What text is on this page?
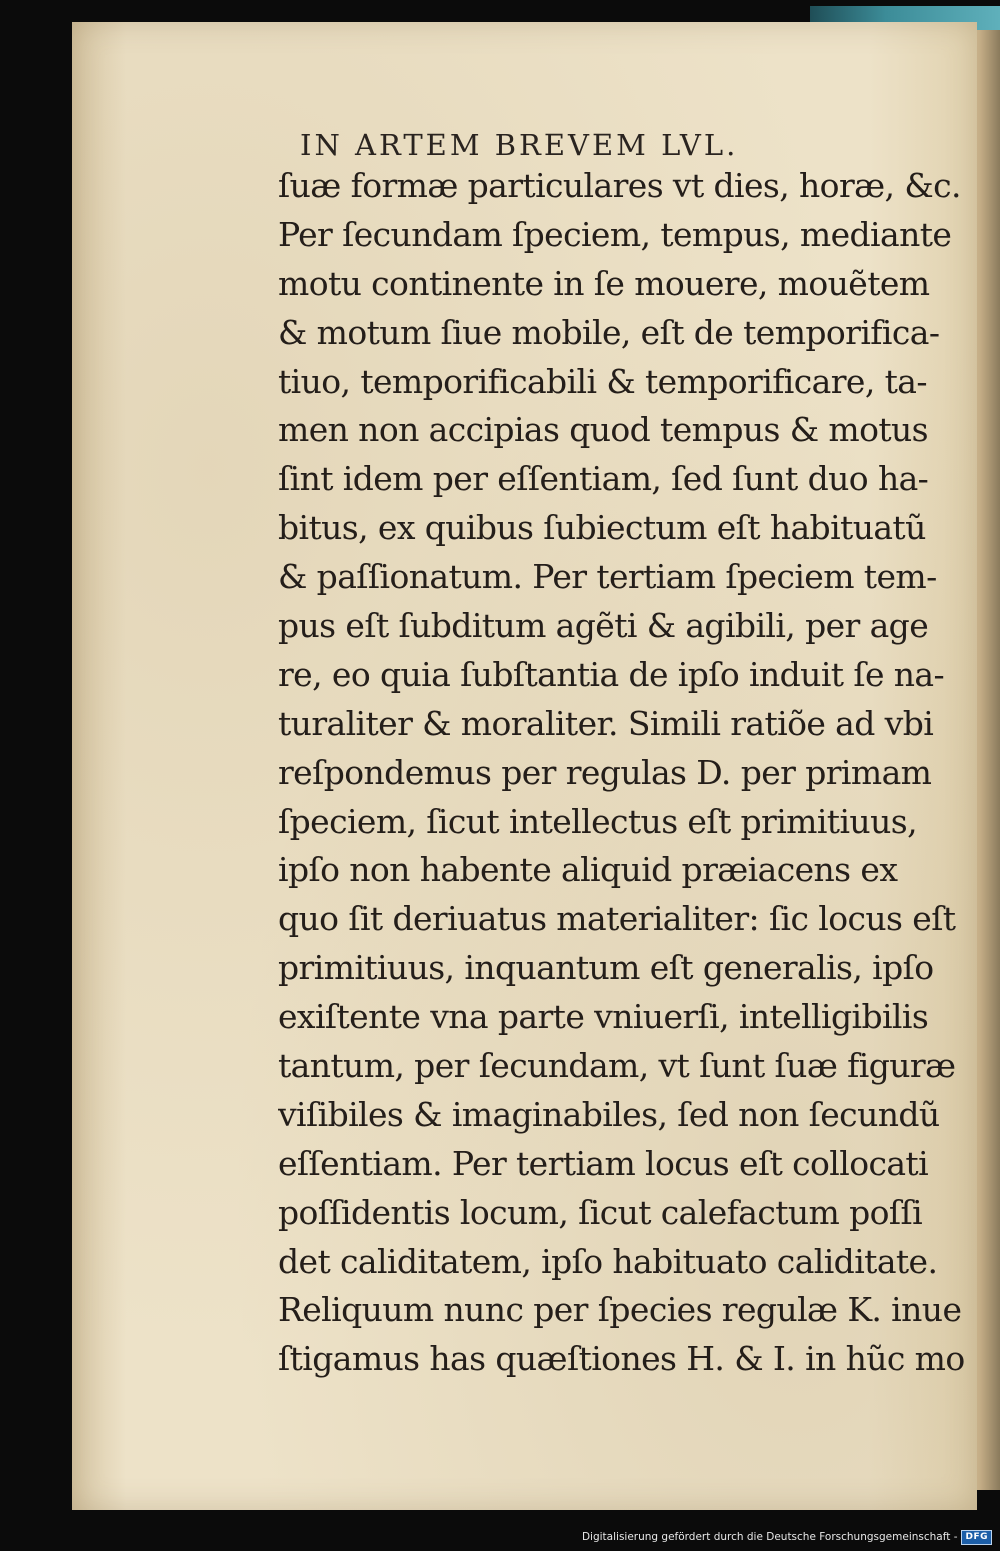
IN ARTEM BREVEM LVL.
ſuæ formæ particulares vt dies, horæ, &c.
Per ſecundam ſpeciem, tempus, mediante
motu continente in ſe mouere, mouẽtem
& motum ſiue mobile, eſt de temporifica-
tiuo, temporificabili & temporificare, ta-
men non accipias quod tempus & motus
ſint idem per eſſentiam, ſed ſunt duo ha-
bitus, ex quibus ſubiectum eſt habituatũ
& paſſionatum. Per tertiam ſpeciem tem-
pus eſt ſubditum agẽti & agibili, per age
re, eo quia ſubſtantia de ipſo induit ſe na-
turaliter & moraliter. Simili ratiõe ad vbi
reſpondemus per regulas D. per primam
ſpeciem, ſicut intellectus eſt primitiuus,
ipſo non habente aliquid præiacens ex
quo ſit deriuatus materialiter: ſic locus eſt
primitiuus, inquantum eſt generalis, ipſo
exiſtente vna parte vniuerſi, intelligibilis
tantum, per ſecundam, vt ſunt ſuæ figuræ
viſibiles & imaginabiles, ſed non ſecundũ
eſſentiam. Per tertiam locus eſt collocati
poſſidentis locum, ſicut calefactum poſſi
det caliditatem, ipſo habituato caliditate.
Reliquum nunc per ſpecies regulæ K. inue
ſtigamus has quæſtiones H. & I. in hũc mo
Digitalisierung gefördert durch die Deutsche Forschungsgemeinschaft - DFG
